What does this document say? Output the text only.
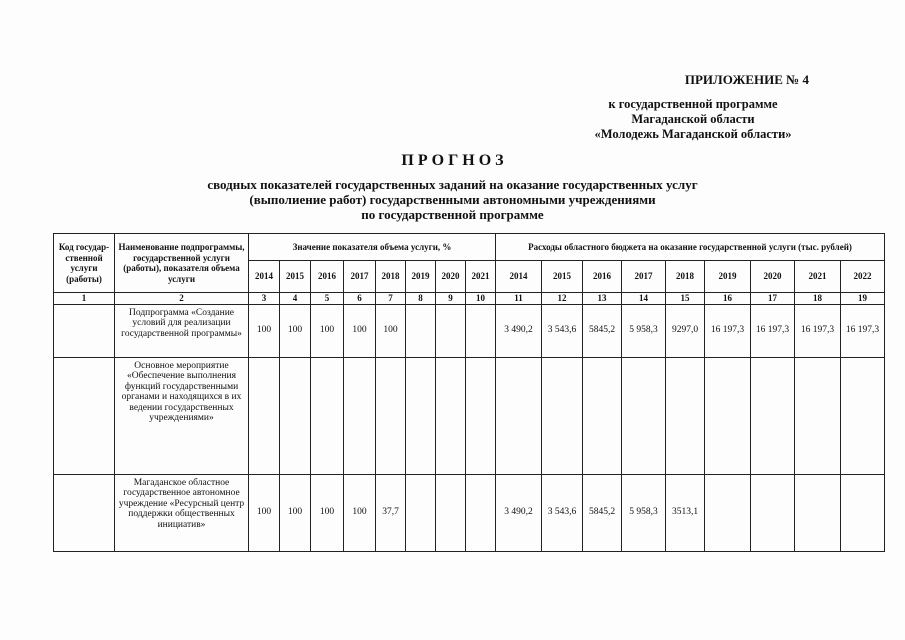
ПРИЛОЖЕНИЕ № 4
к государственной программе
Магаданской области
«Молодежь Магаданской области»
П Р О Г Н О З
сводных показателей государственных заданий на оказание государственных услуг
(выполиение работ) государственными автономными учреждениями
по государственной программе
Код государ-ственной услуги (работы)	Наименование подпрограммы, государственной услуги (работы), показателя объема услуги	Значение показателя объема услуги, %								Расходы областного бюджета на оказание государственной услуги (тыс. рублей)								
		2014	2015	2016	2017	2018	2019	2020	2021	2014	2015	2016	2017	2018	2019	2020	2021	2022
1	2	3	4	5	6	7	8	9	10	11	12	13	14	15	16	17	18	19
	Подпрограмма «Создание условий для реализации государственной программы»	100	100	100	100	100				3 490,2	3 543,6	5845,2	5 958,3	9297,0	16 197,3	16 197,3	16 197,3	16 197,3
	Основное мероприятие «Обеспечение выполнения функций государственными органами и находящихся в их ведении государственных учреждениями»																	
	Магаданское областное государственное автономное учреждение «Ресурсный центр поддержки общественных инициатив»	100	100	100	100	37,7				3 490,2	3 543,6	5845,2	5 958,3	3513,1				
